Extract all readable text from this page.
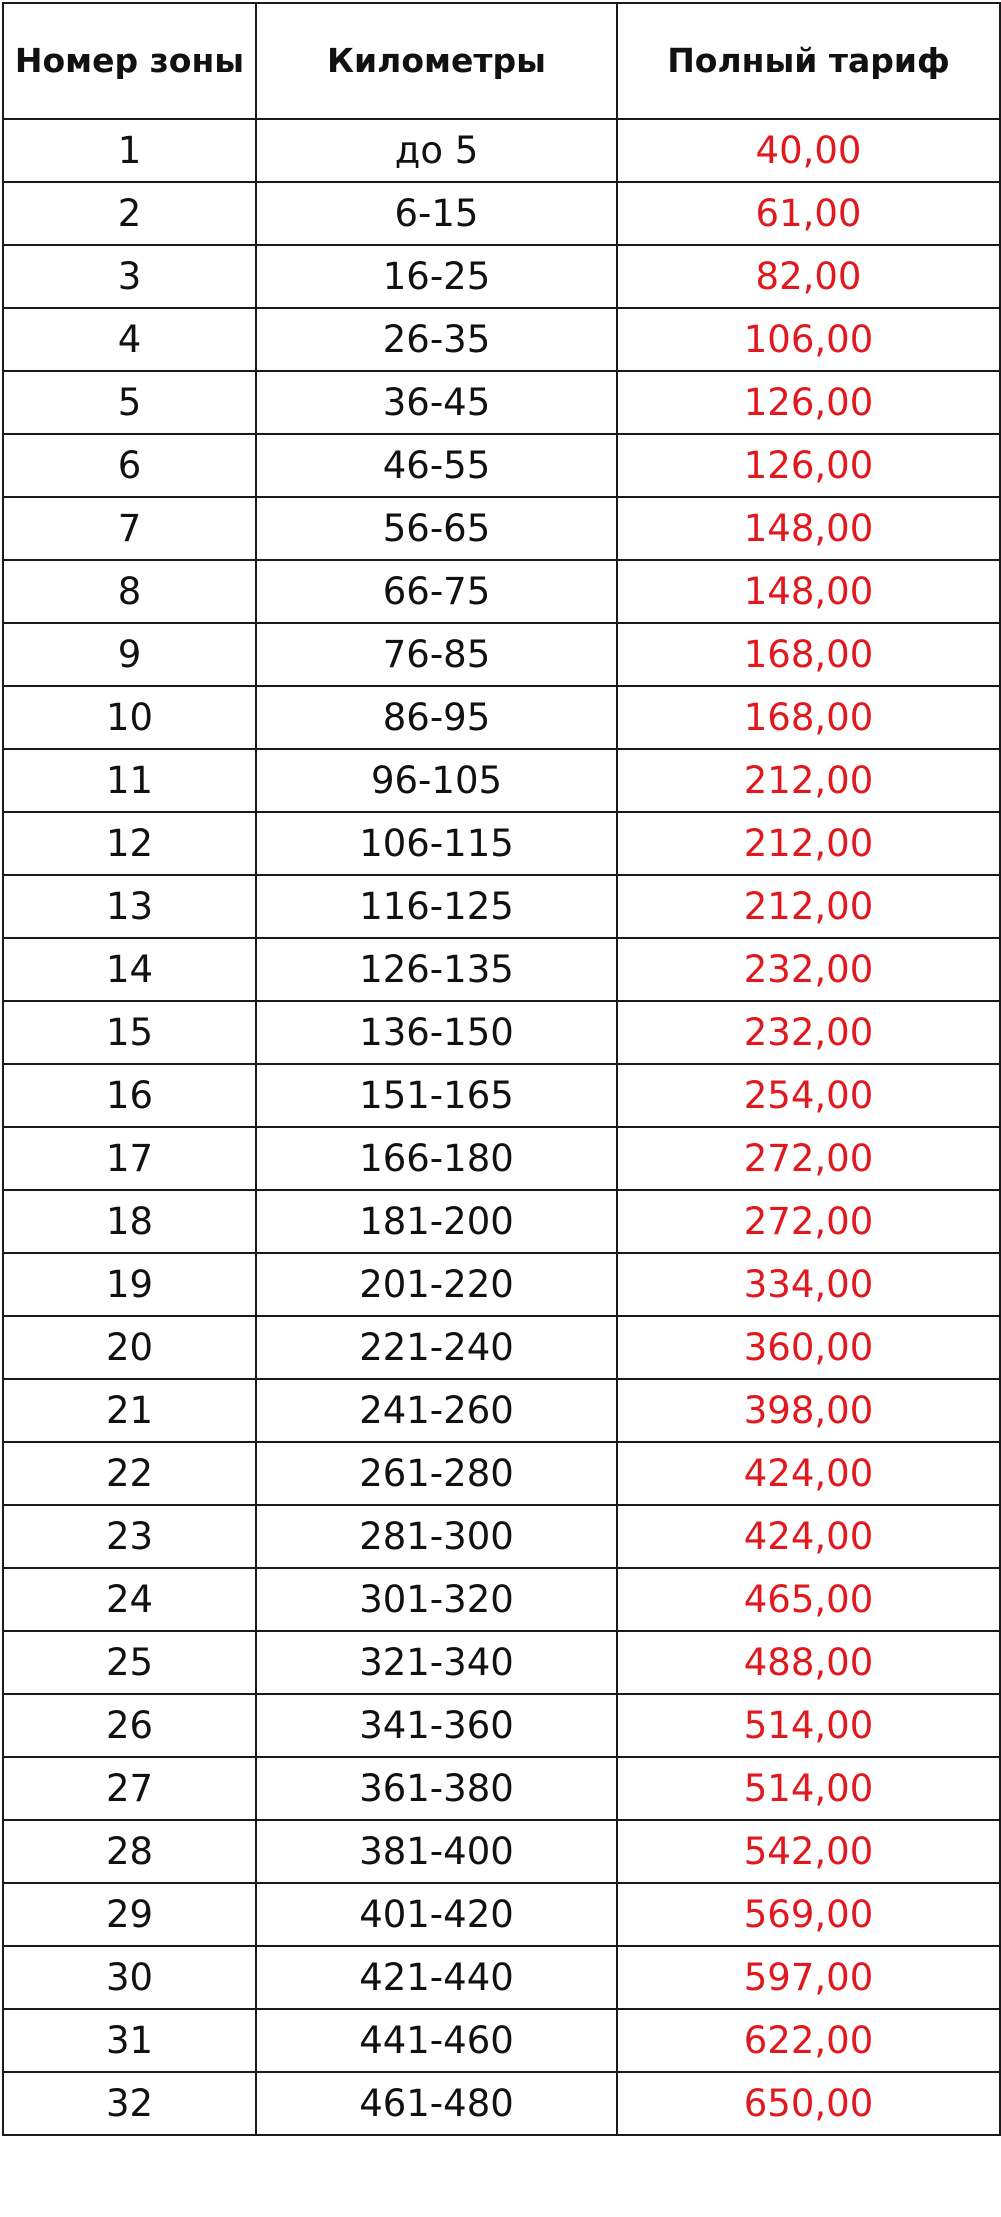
Номер зоны	Километры	Полный тариф
1	до 5	40,00
2	6-15	61,00
3	16-25	82,00
4	26-35	106,00
5	36-45	126,00
6	46-55	126,00
7	56-65	148,00
8	66-75	148,00
9	76-85	168,00
10	86-95	168,00
11	96-105	212,00
12	106-115	212,00
13	116-125	212,00
14	126-135	232,00
15	136-150	232,00
16	151-165	254,00
17	166-180	272,00
18	181-200	272,00
19	201-220	334,00
20	221-240	360,00
21	241-260	398,00
22	261-280	424,00
23	281-300	424,00
24	301-320	465,00
25	321-340	488,00
26	341-360	514,00
27	361-380	514,00
28	381-400	542,00
29	401-420	569,00
30	421-440	597,00
31	441-460	622,00
32	461-480	650,00
